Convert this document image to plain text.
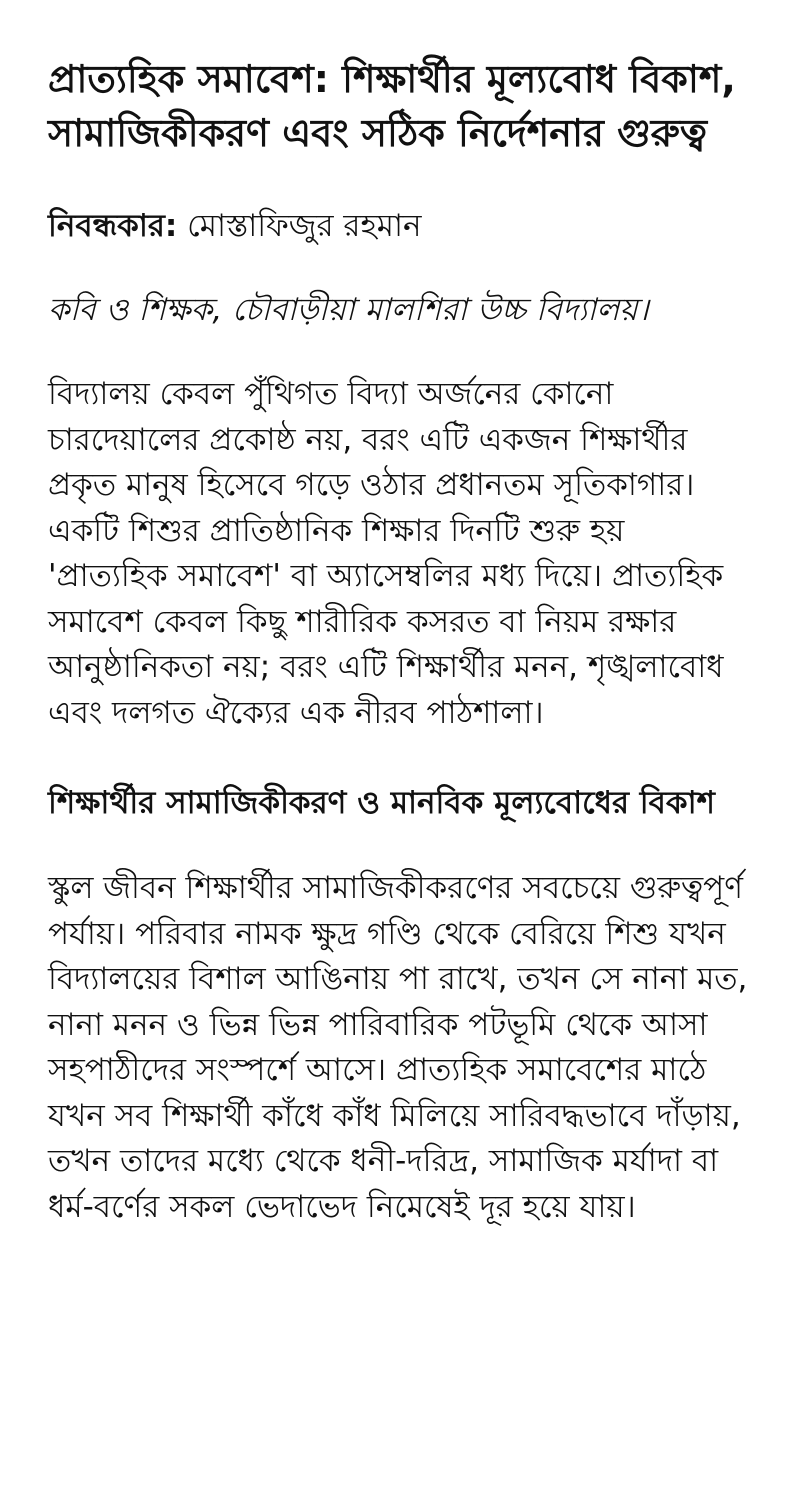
প্রাত্যহিক সমাবেশ: শিক্ষার্থীর মূল্যবোধ বিকাশ, সামাজিকীকরণ এবং সঠিক নির্দেশনার গুরুত্ব

নিবন্ধকার: মোস্তাফিজুর রহমান

কবি ও শিক্ষক, চৌবাড়ীয়া মালশিরা উচ্চ বিদ্যালয়।

বিদ্যালয় কেবল পুঁথিগত বিদ্যা অর্জনের কোনো চারদেয়ালের প্রকোষ্ঠ নয়, বরং এটি একজন শিক্ষার্থীর প্রকৃত মানুষ হিসেবে গড়ে ওঠার প্রধানতম সূতিকাগার। একটি শিশুর প্রাতিষ্ঠানিক শিক্ষার দিনটি শুরু হয় 'প্রাত্যহিক সমাবেশ' বা অ্যাসেম্বলির মধ্য দিয়ে। প্রাত্যহিক সমাবেশ কেবল কিছু শারীরিক কসরত বা নিয়ম রক্ষার আনুষ্ঠানিকতা নয়; বরং এটি শিক্ষার্থীর মনন, শৃঙ্খলাবোধ এবং দলগত ঐক্যের এক নীরব পাঠশালা।

শিক্ষার্থীর সামাজিকীকরণ ও মানবিক মূল্যবোধের বিকাশ

স্কুল জীবন শিক্ষার্থীর সামাজিকীকরণের সবচেয়ে গুরুত্বপূর্ণ পর্যায়। পরিবার নামক ক্ষুদ্র গণ্ডি থেকে বেরিয়ে শিশু যখন বিদ্যালয়ের বিশাল আঙিনায় পা রাখে, তখন সে নানা মত, নানা মনন ও ভিন্ন ভিন্ন পারিবারিক পটভূমি থেকে আসা সহপাঠীদের সংস্পর্শে আসে। প্রাত্যহিক সমাবেশের মাঠে যখন সব শিক্ষার্থী কাঁধে কাঁধ মিলিয়ে সারিবদ্ধভাবে দাঁড়ায়, তখন তাদের মধ্যে থেকে ধনী-দরিদ্র, সামাজিক মর্যাদা বা ধর্ম-বর্ণের সকল ভেদাভেদ নিমেষেই দূর হয়ে যায়।
